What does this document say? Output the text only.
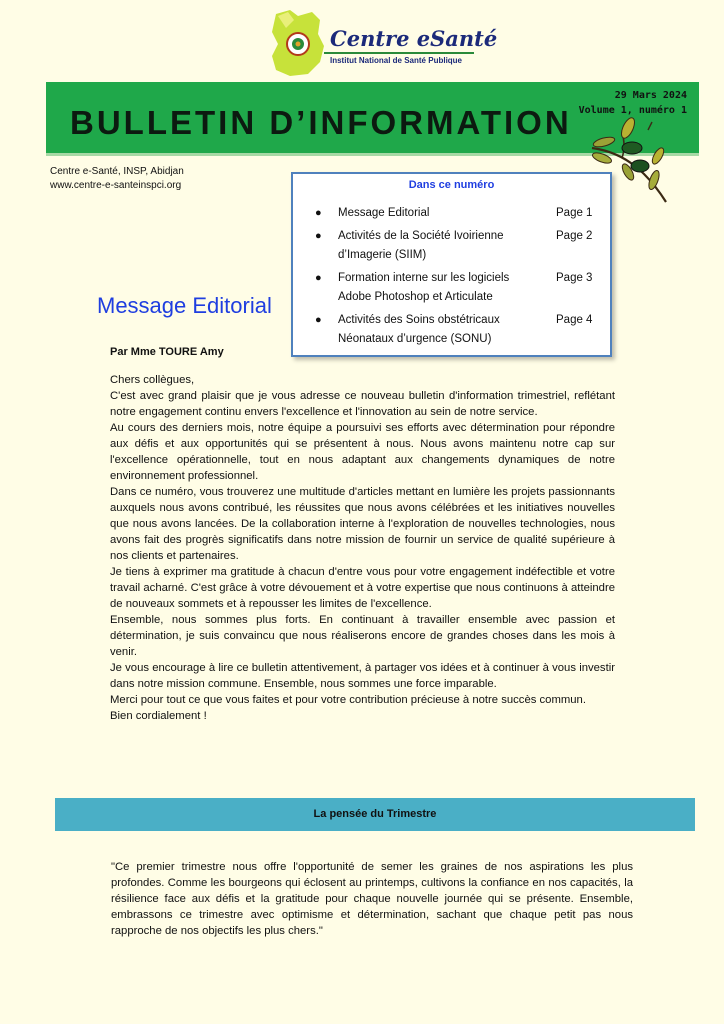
Centre eSanté
Institut National de Santé Publique
BULLETIN D’INFORMATION
29 Mars 2024
Volume 1, numéro 1
Centre e-Santé, INSP, Abidjan
www.centre-e-santeinspci.org	Dans ce numéro
● Message Editorial	Page 1
● Activités de la Société Ivoirienne d’Imagerie (SIIM)
Page 2
● Formation interne sur les logiciels Adobe Photoshop et Articulate
Page 3
● Activités des Soins obstétricaux Néonataux d’urgence (SONU)
Page 4
Message Editorial
Par Mme TOURE Amy

Chers collègues,

C'est avec grand plaisir que je vous adresse ce nouveau bulletin d'information trimestriel, reflétant notre engagement continu envers l'excellence et l'innovation au sein de notre service.

Au cours des derniers mois, notre équipe a poursuivi ses efforts avec détermination pour répondre aux défis et aux opportunités qui se présentent à nous. Nous avons maintenu notre cap sur l'excellence opérationnelle, tout en nous adaptant aux changements dynamiques de notre environnement professionnel.

Dans ce numéro, vous trouverez une multitude d'articles mettant en lumière les projets passionnants auxquels nous avons contribué, les réussites que nous avons célébrées et les initiatives nouvelles que nous avons lancées. De la collaboration interne à l'exploration de nouvelles technologies, nous avons fait des progrès significatifs dans notre mission de fournir un service de qualité supérieure à nos clients et partenaires.

Je tiens à exprimer ma gratitude à chacun d'entre vous pour votre engagement indéfectible et votre travail acharné. C'est grâce à votre dévouement et à votre expertise que nous continuons à atteindre de nouveaux sommets et à repousser les limites de l'excellence.

Ensemble, nous sommes plus forts. En continuant à travailler ensemble avec passion et détermination, je suis convaincu que nous réaliserons encore de grandes choses dans les mois à venir.

Je vous encourage à lire ce bulletin attentivement, à partager vos idées et à continuer à vous investir dans notre mission commune. Ensemble, nous sommes une force imparable.

Merci pour tout ce que vous faites et pour votre contribution précieuse à notre succès commun.

Bien cordialement !

La pensée du Trimestre
"Ce premier trimestre nous offre l'opportunité de semer les graines de nos aspirations les plus profondes. Comme les bourgeons qui éclosent au printemps, cultivons la confiance en nos capacités, la résilience face aux défis et la gratitude pour chaque nouvelle journée qui se présente. Ensemble, embrassons ce trimestre avec optimisme et détermination, sachant que chaque petit pas nous rapproche de nos objectifs les plus chers."
